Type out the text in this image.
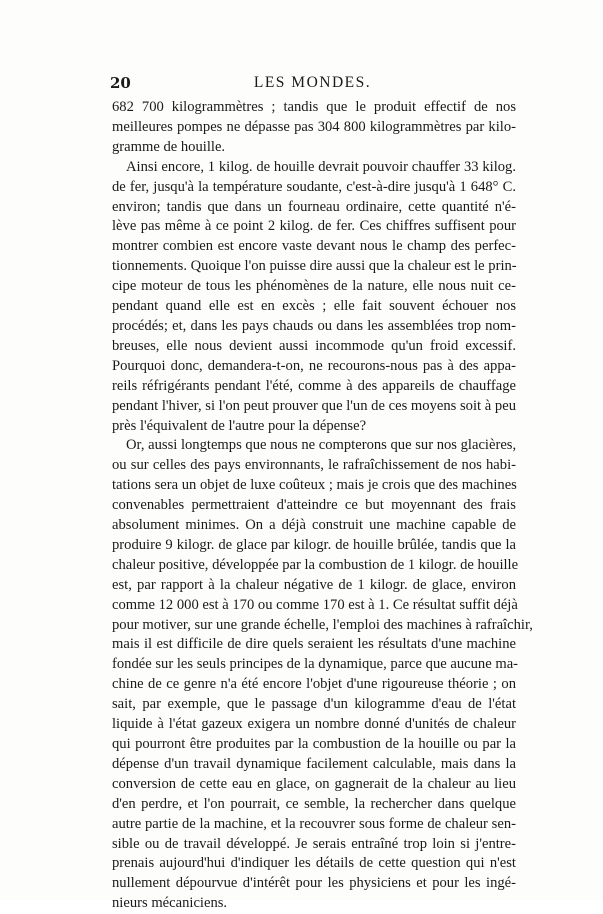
20	LES MONDES.
682 700 kilogrammètres ; tandis que le produit effectif de nos
meilleures pompes ne dépasse pas 304 800 kilogrammètres par kilo-
gramme de houille.
Ainsi encore, 1 kilog. de houille devrait pouvoir chauffer 33 kilog.
de fer, jusqu'à la température soudante, c'est-à-dire jusqu'à 1 648° C.
environ; tandis que dans un fourneau ordinaire, cette quantité n'é-
lève pas même à ce point 2 kilog. de fer. Ces chiffres suffisent pour
montrer combien est encore vaste devant nous le champ des perfec-
tionnements. Quoique l'on puisse dire aussi que la chaleur est le prin-
cipe moteur de tous les phénomènes de la nature, elle nous nuit ce-
pendant quand elle est en excès ; elle fait souvent échouer nos
procédés; et, dans les pays chauds ou dans les assemblées trop nom-
breuses, elle nous devient aussi incommode qu'un froid excessif.
Pourquoi donc, demandera-t-on, ne recourons-nous pas à des appa-
reils réfrigérants pendant l'été, comme à des appareils de chauffage
pendant l'hiver, si l'on peut prouver que l'un de ces moyens soit à peu
près l'équivalent de l'autre pour la dépense?
Or, aussi longtemps que nous ne compterons que sur nos glacières,
ou sur celles des pays environnants, le rafraîchissement de nos habi-
tations sera un objet de luxe coûteux ; mais je crois que des machines
convenables permettraient d'atteindre ce but moyennant des frais
absolument minimes. On a déjà construit une machine capable de
produire 9 kilogr. de glace par kilogr. de houille brûlée, tandis que la
chaleur positive, développée par la combustion de 1 kilogr. de houille
est, par rapport à la chaleur négative de 1 kilogr. de glace, environ
comme 12 000 est à 170 ou comme 170 est à 1. Ce résultat suffit déjà
pour motiver, sur une grande échelle, l'emploi des machines à rafraîchir,
mais il est difficile de dire quels seraient les résultats d'une machine
fondée sur les seuls principes de la dynamique, parce que aucune ma-
chine de ce genre n'a été encore l'objet d'une rigoureuse théorie ; on
sait, par exemple, que le passage d'un kilogramme d'eau de l'état
liquide à l'état gazeux exigera un nombre donné d'unités de chaleur
qui pourront être produites par la combustion de la houille ou par la
dépense d'un travail dynamique facilement calculable, mais dans la
conversion de cette eau en glace, on gagnerait de la chaleur au lieu
d'en perdre, et l'on pourrait, ce semble, la rechercher dans quelque
autre partie de la machine, et la recouvrer sous forme de chaleur sen-
sible ou de travail développé. Je serais entraîné trop loin si j'entre-
prenais aujourd'hui d'indiquer les détails de cette question qui n'est
nullement dépourvue d'intérêt pour les physiciens et pour les ingé-
nieurs mécaniciens.
